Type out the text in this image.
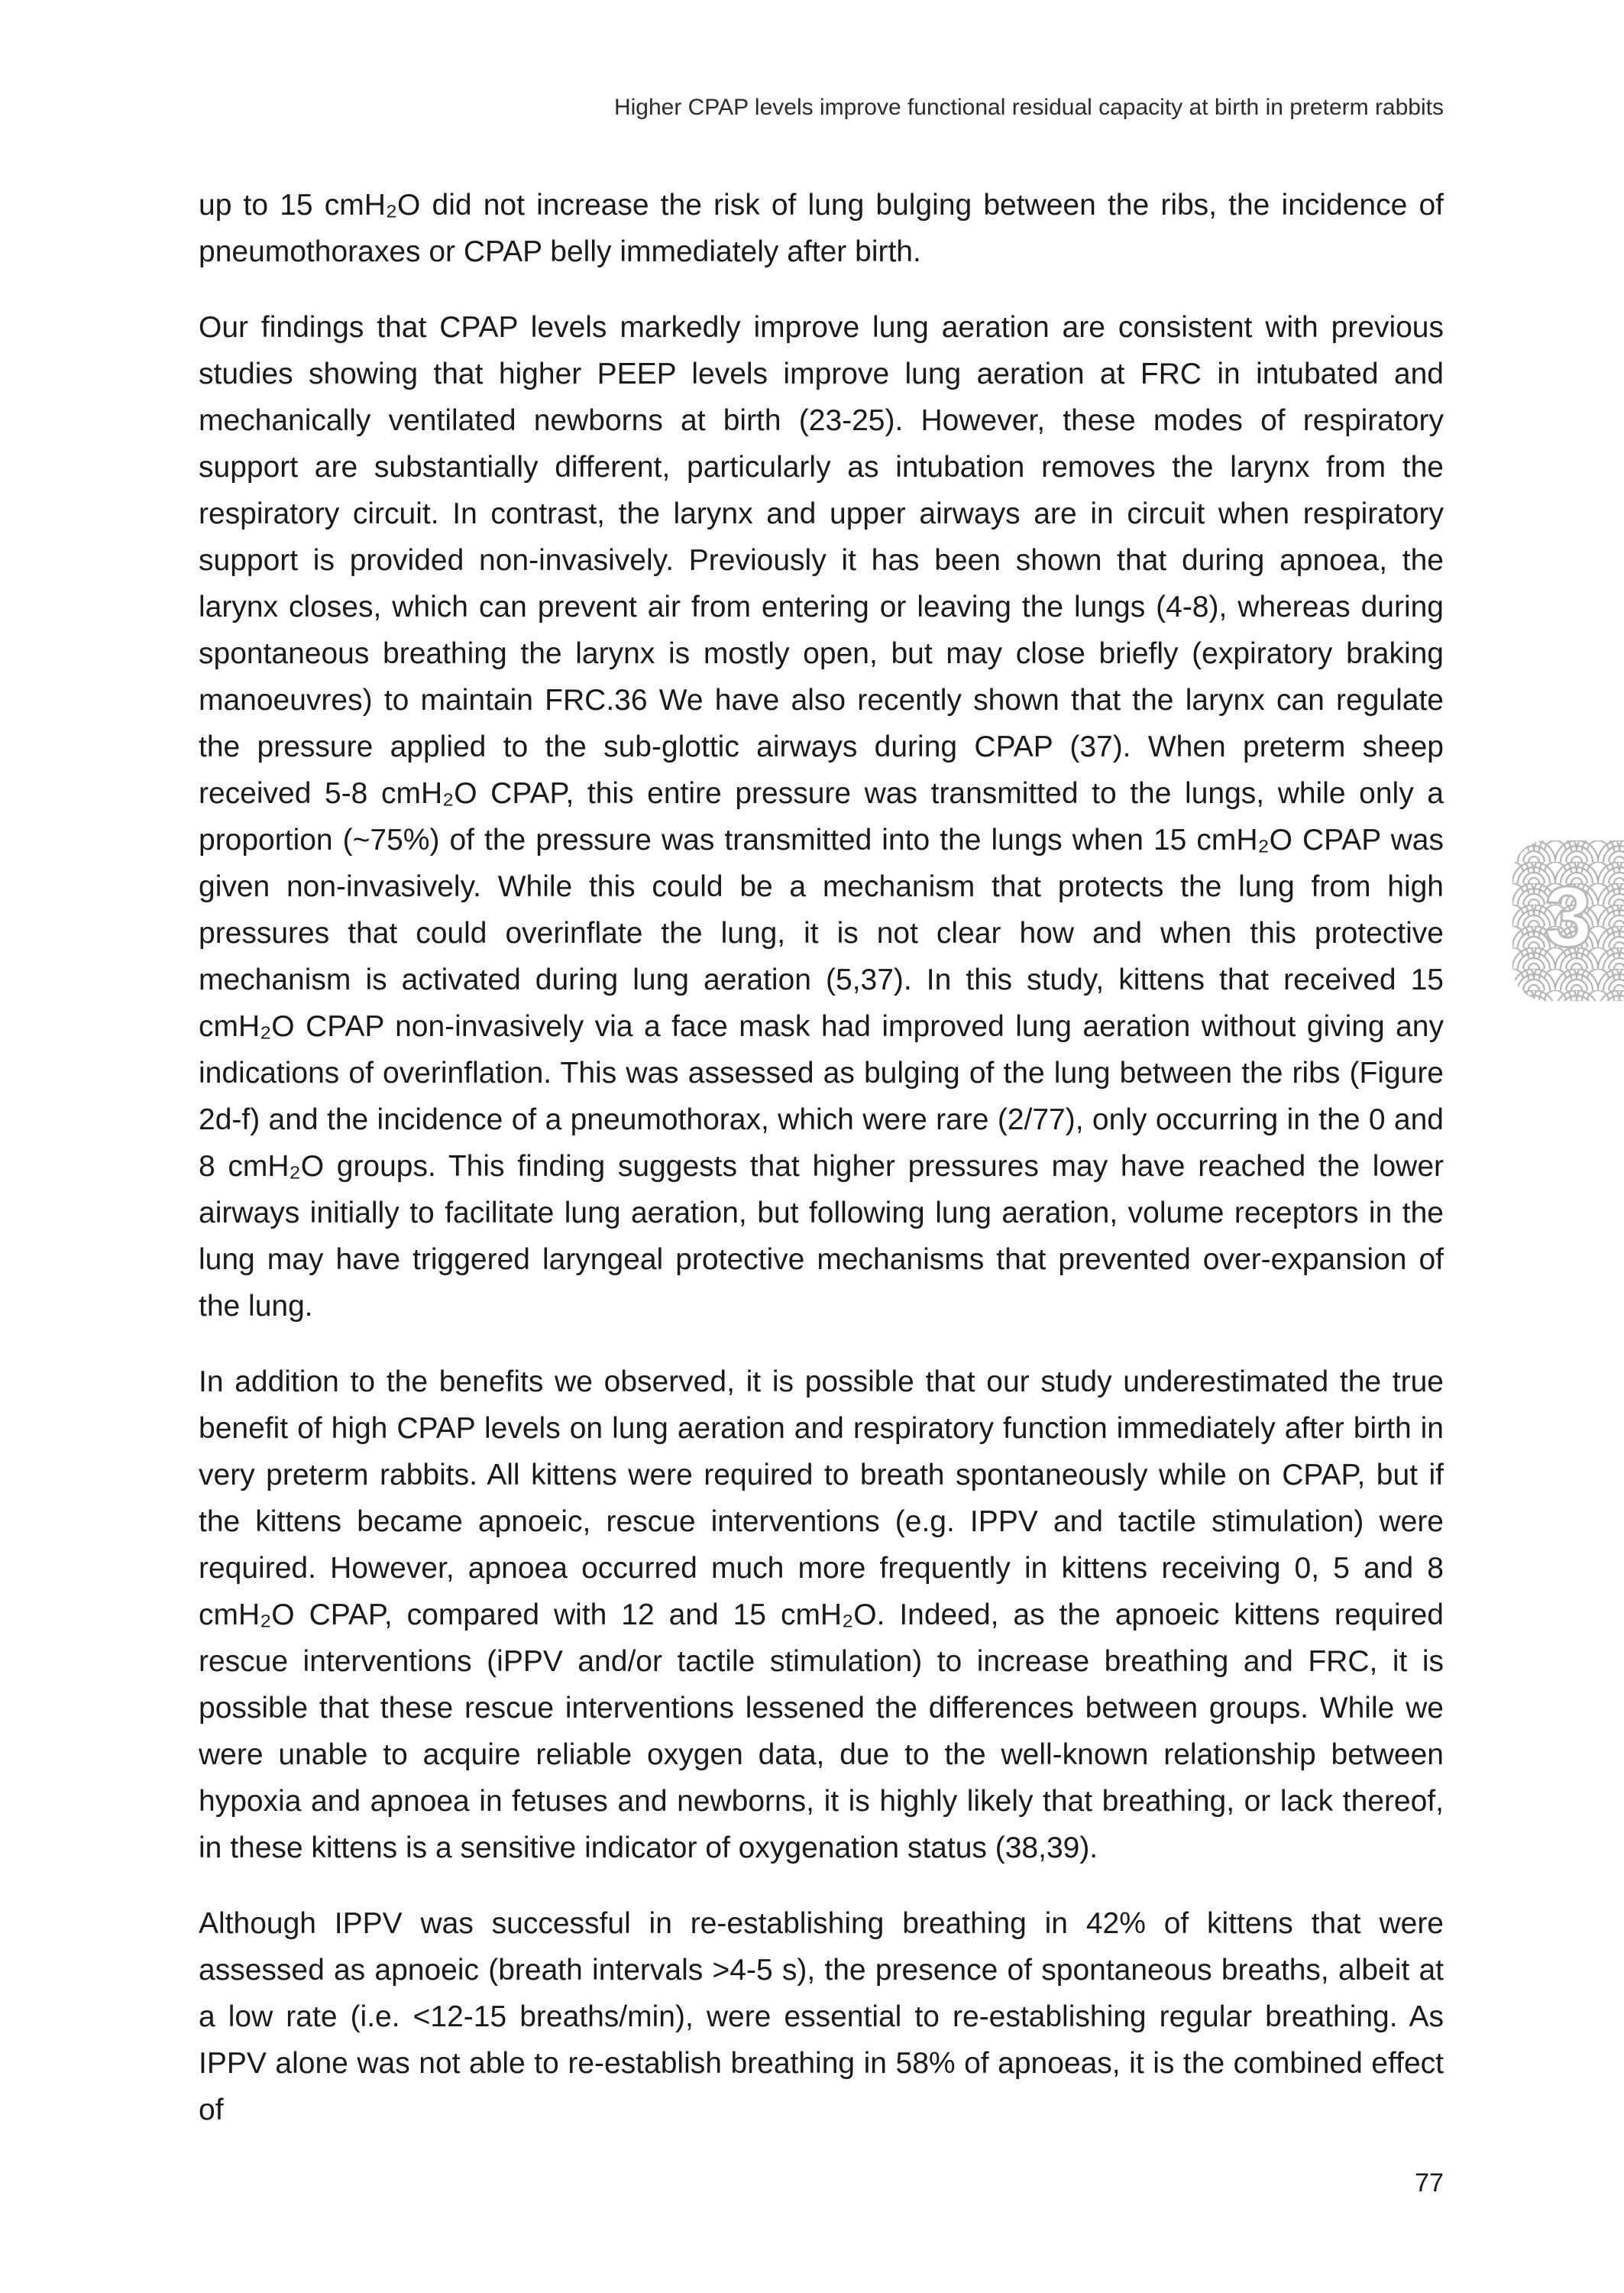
Higher CPAP levels improve functional residual capacity at birth in preterm rabbits

up to 15 cmH₂O did not increase the risk of lung bulging between the ribs, the incidence of pneumothoraxes or CPAP belly immediately after birth.

Our findings that CPAP levels markedly improve lung aeration are consistent with previous studies showing that higher PEEP levels improve lung aeration at FRC in intubated and mechanically ventilated newborns at birth (23-25). However, these modes of respiratory support are substantially different, particularly as intubation removes the larynx from the respiratory circuit. In contrast, the larynx and upper airways are in circuit when respiratory support is provided non-invasively. Previously it has been shown that during apnoea, the larynx closes, which can prevent air from entering or leaving the lungs (4-8), whereas during spontaneous breathing the larynx is mostly open, but may close briefly (expiratory braking manoeuvres) to maintain FRC.36 We have also recently shown that the larynx can regulate the pressure applied to the sub-glottic airways during CPAP (37). When preterm sheep received 5-8 cmH₂O CPAP, this entire pressure was transmitted to the lungs, while only a proportion (~75%) of the pressure was transmitted into the lungs when 15 cmH₂O CPAP was given non-invasively. While this could be a mechanism that protects the lung from high pressures that could overinflate the lung, it is not clear how and when this protective mechanism is activated during lung aeration (5,37). In this study, kittens that received 15 cmH₂O CPAP non-invasively via a face mask had improved lung aeration without giving any indications of overinflation. This was assessed as bulging of the lung between the ribs (Figure 2d-f) and the incidence of a pneumothorax, which were rare (2/77), only occurring in the 0 and 8 cmH₂O groups. This finding suggests that higher pressures may have reached the lower airways initially to facilitate lung aeration, but following lung aeration, volume receptors in the lung may have triggered laryngeal protective mechanisms that prevented over-expansion of the lung.

In addition to the benefits we observed, it is possible that our study underestimated the true benefit of high CPAP levels on lung aeration and respiratory function immediately after birth in very preterm rabbits. All kittens were required to breath spontaneously while on CPAP, but if the kittens became apnoeic, rescue interventions (e.g. IPPV and tactile stimulation) were required. However, apnoea occurred much more frequently in kittens receiving 0, 5 and 8 cmH₂O CPAP, compared with 12 and 15 cmH₂O. Indeed, as the apnoeic kittens required rescue interventions (iPPV and/or tactile stimulation) to increase breathing and FRC, it is possible that these rescue interventions lessened the differences between groups. While we were unable to acquire reliable oxygen data, due to the well-known relationship between hypoxia and apnoea in fetuses and newborns, it is highly likely that breathing, or lack thereof, in these kittens is a sensitive indicator of oxygenation status (38,39).

Although IPPV was successful in re-establishing breathing in 42% of kittens that were assessed as apnoeic (breath intervals >4-5 s), the presence of spontaneous breaths, albeit at a low rate (i.e. <12-15 breaths/min), were essential to re-establishing regular breathing. As IPPV alone was not able to re-establish breathing in 58% of apnoeas, it is the combined effect of

3
77
